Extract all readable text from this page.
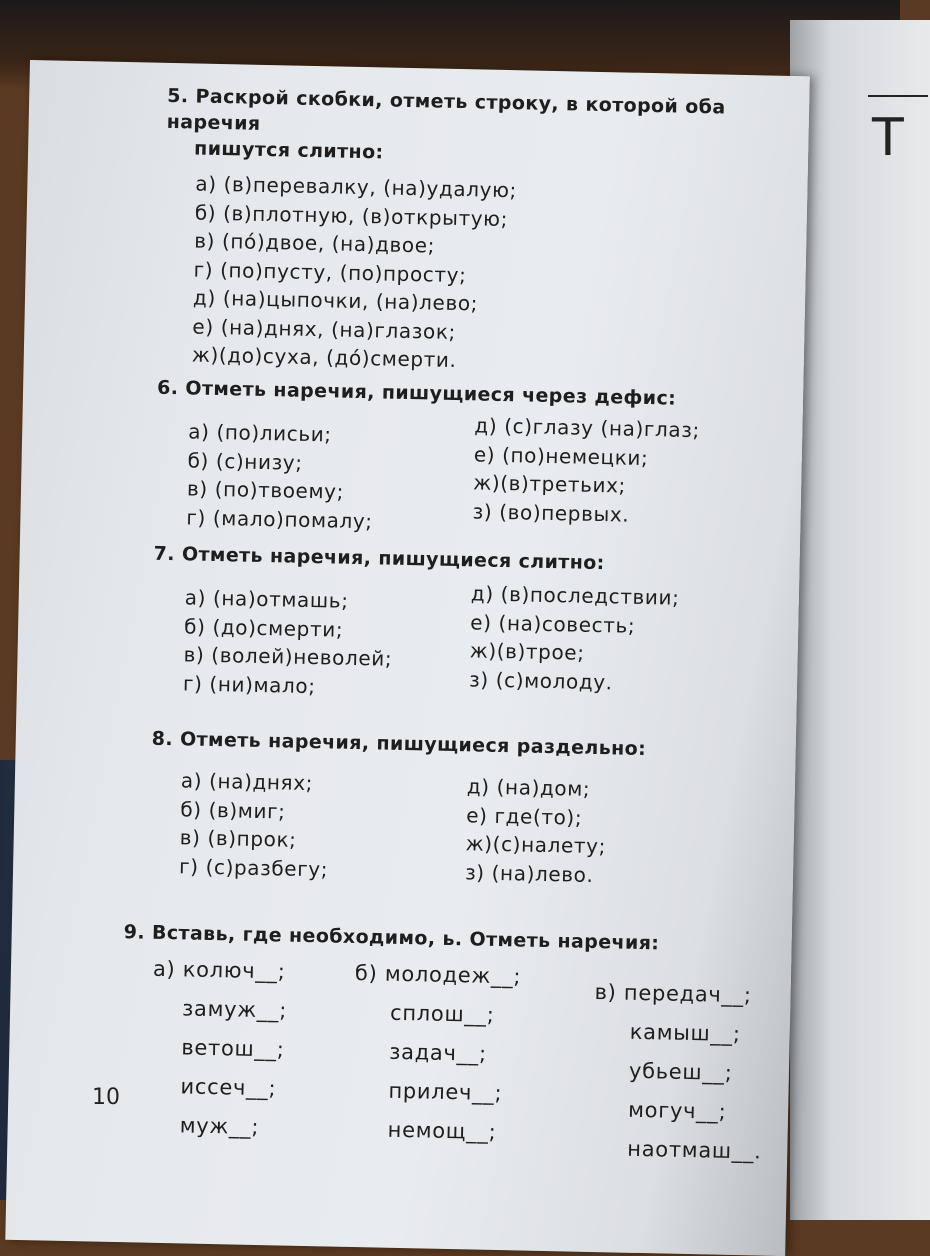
Т

5. Раскрой скобки, отметь строку, в которой оба наречия

пишутся слитно:

а) (в)перевалку, (на)удалую;
б) (в)плотную, (в)открытую;
в) (по́)двое, (на)двое;
г) (по)пусту, (по)просту;
д) (на)цыпочки, (на)лево;
е) (на)днях, (на)глазок;
ж)(до)суха, (до́)смерти.

6. Отметь наречия, пишущиеся через дефис:

а) (по)лисьи;
б) (с)низу;
в) (по)твоему;
г) (мало)помалу;
д) (с)глазу (на)глаз;
е) (по)немецки;
ж)(в)третьих;
з) (во)первых.

7. Отметь наречия, пишущиеся слитно:

а) (на)отмашь;
б) (до)смерти;
в) (волей)неволей;
г) (ни)мало;
д) (в)последствии;
е) (на)совесть;
ж)(в)трое;
з) (с)молоду.

8. Отметь наречия, пишущиеся раздельно:

а) (на)днях;
б) (в)миг;
в) (в)прок;
г) (с)разбегу;
д) (на)дом;
е) где(то);
ж)(с)налету;
з) (на)лево.

9. Вставь, где необходимо, ь. Отметь наречия:

а) колюч__;
замуж__;
ветош__;
иссеч__;
муж__;
б) молодеж__;
сплош__;
задач__;
прилеч__;
немощ__;
в) передач__;
камыш__;
убьеш__;
могуч__;
наотмаш__.
10
